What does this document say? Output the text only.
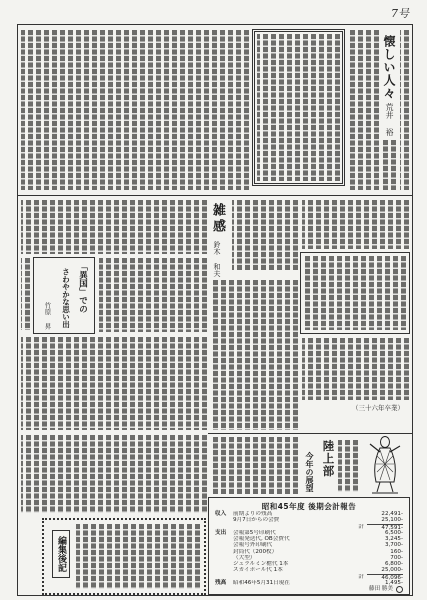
7号
懐しい人々
荒井 裕
雑感
鈴木 和夫
（三十六年卒業）
「異国」での
さわやかな思い出
竹原 昇
陸上部
今年の展望
昭和45年度 後期会計報告
収入	前期よりの残高	22,491-
9月7日からの会費	25,100-
計	47,591-
支出	会報第5号印刷代	6,500-
会報発送代, OB会費代	3,245-
会報号外印刷代	3,700-
封筒代（200枚）	160-
（大型）	700-
ジュラルミン槍代 1本	6,800-
スカイポール代 1本	25,000-
計	46,096-
残高	昭和46年5月31日現在	1,495-
藤田 勝美
編集後記
